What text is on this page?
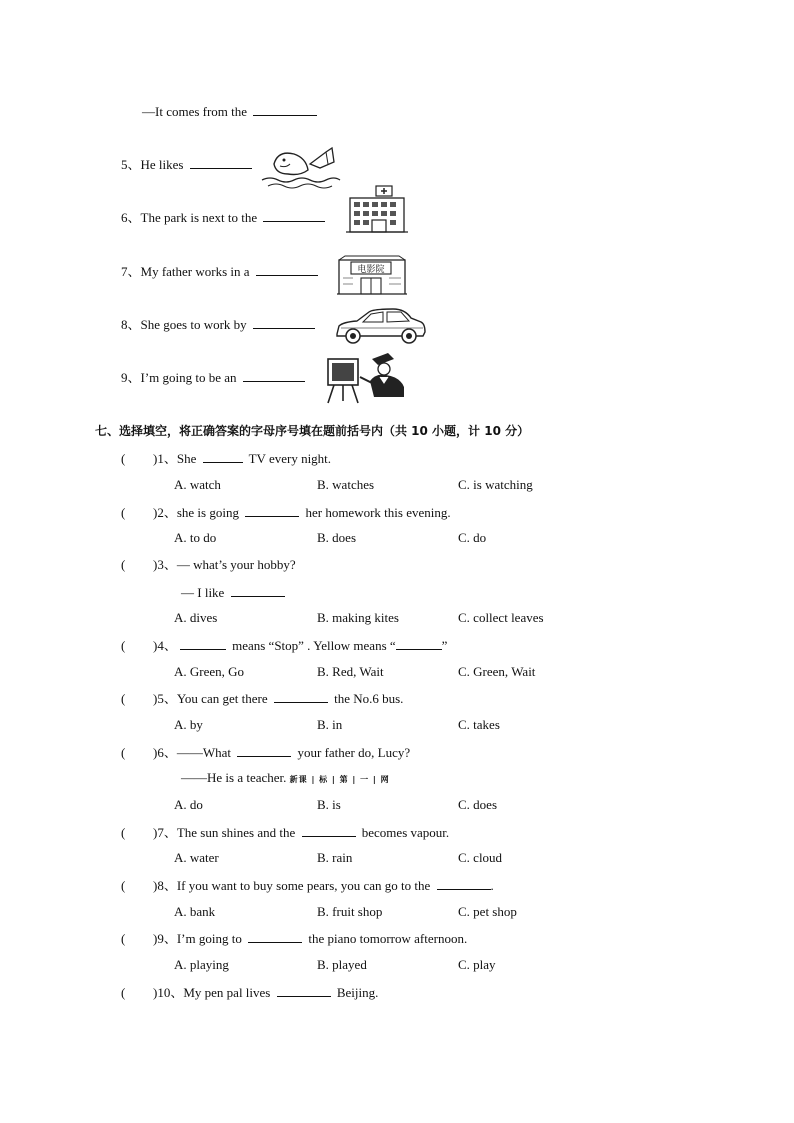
—It comes from the
5、He likes
6、The park is next to the
7、My father works in a	电影院
8、She goes to work by
9、I’m going to be an
七、选择填空，将正确答案的字母序号填在题前括号内（共 10 小题，计 10 分）
( )1、She	TV every night.
A. watch	B. watches	C. is watching
( )2、she is going	her homework this evening.
A. to do	B. does	C. do
( )3、— what’s your hobby?
— I like
A. dives	B. making kites	C. collect leaves
( )4、	means “Stop” . Yellow means “	”
A. Green, Go	B. Red, Wait	C. Green, Wait
( )5、You can get there	the No.6 bus.
A. by	B. in	C. takes
( )6、——What	your father do, Lucy?
——He is a teacher. 新课 | 标 | 第 | 一 | 网
A. do	B. is	C. does
( )7、The sun shines and the	becomes vapour.
A. water	B. rain	C. cloud
( )8、If you want to buy some pears, you can go to the	.
A. bank	B. fruit shop	C. pet shop
( )9、I’m going to	the piano tomorrow afternoon.
A. playing	B. played	C. play
( )10、My pen pal lives	Beijing.
